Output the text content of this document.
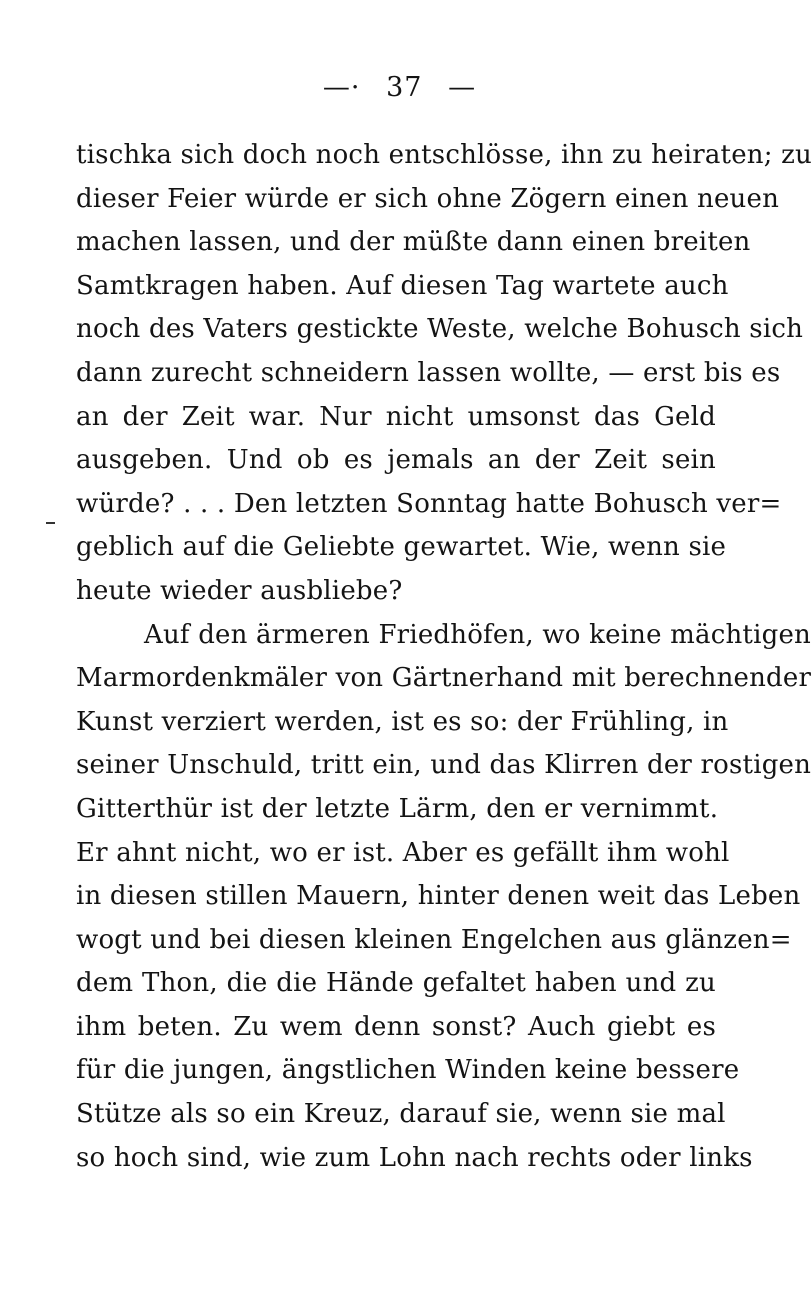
—· 37 —
tischka sich doch noch entschlösse, ihn zu heiraten; zu
dieser Feier würde er sich ohne Zögern einen neuen
machen lassen, und der müßte dann einen breiten
Samtkragen haben. Auf diesen Tag wartete auch
noch des Vaters gestickte Weste, welche Bohusch sich
dann zurecht schneidern lassen wollte, — erst bis es
an der Zeit war. Nur nicht umsonst das Geld
ausgeben. Und ob es jemals an der Zeit sein
würde? . . . Den letzten Sonntag hatte Bohusch ver=
geblich auf die Geliebte gewartet. Wie, wenn sie
heute wieder ausbliebe?
Auf den ärmeren Friedhöfen, wo keine mächtigen
Marmordenkmäler von Gärtnerhand mit berechnender
Kunst verziert werden, ist es so: der Frühling, in
seiner Unschuld, tritt ein, und das Klirren der rostigen
Gitterthür ist der letzte Lärm, den er vernimmt.
Er ahnt nicht, wo er ist. Aber es gefällt ihm wohl
in diesen stillen Mauern, hinter denen weit das Leben
wogt und bei diesen kleinen Engelchen aus glänzen=
dem Thon, die die Hände gefaltet haben und zu
ihm beten. Zu wem denn sonst? Auch giebt es
für die jungen, ängstlichen Winden keine bessere
Stütze als so ein Kreuz, darauf sie, wenn sie mal
so hoch sind, wie zum Lohn nach rechts oder links
